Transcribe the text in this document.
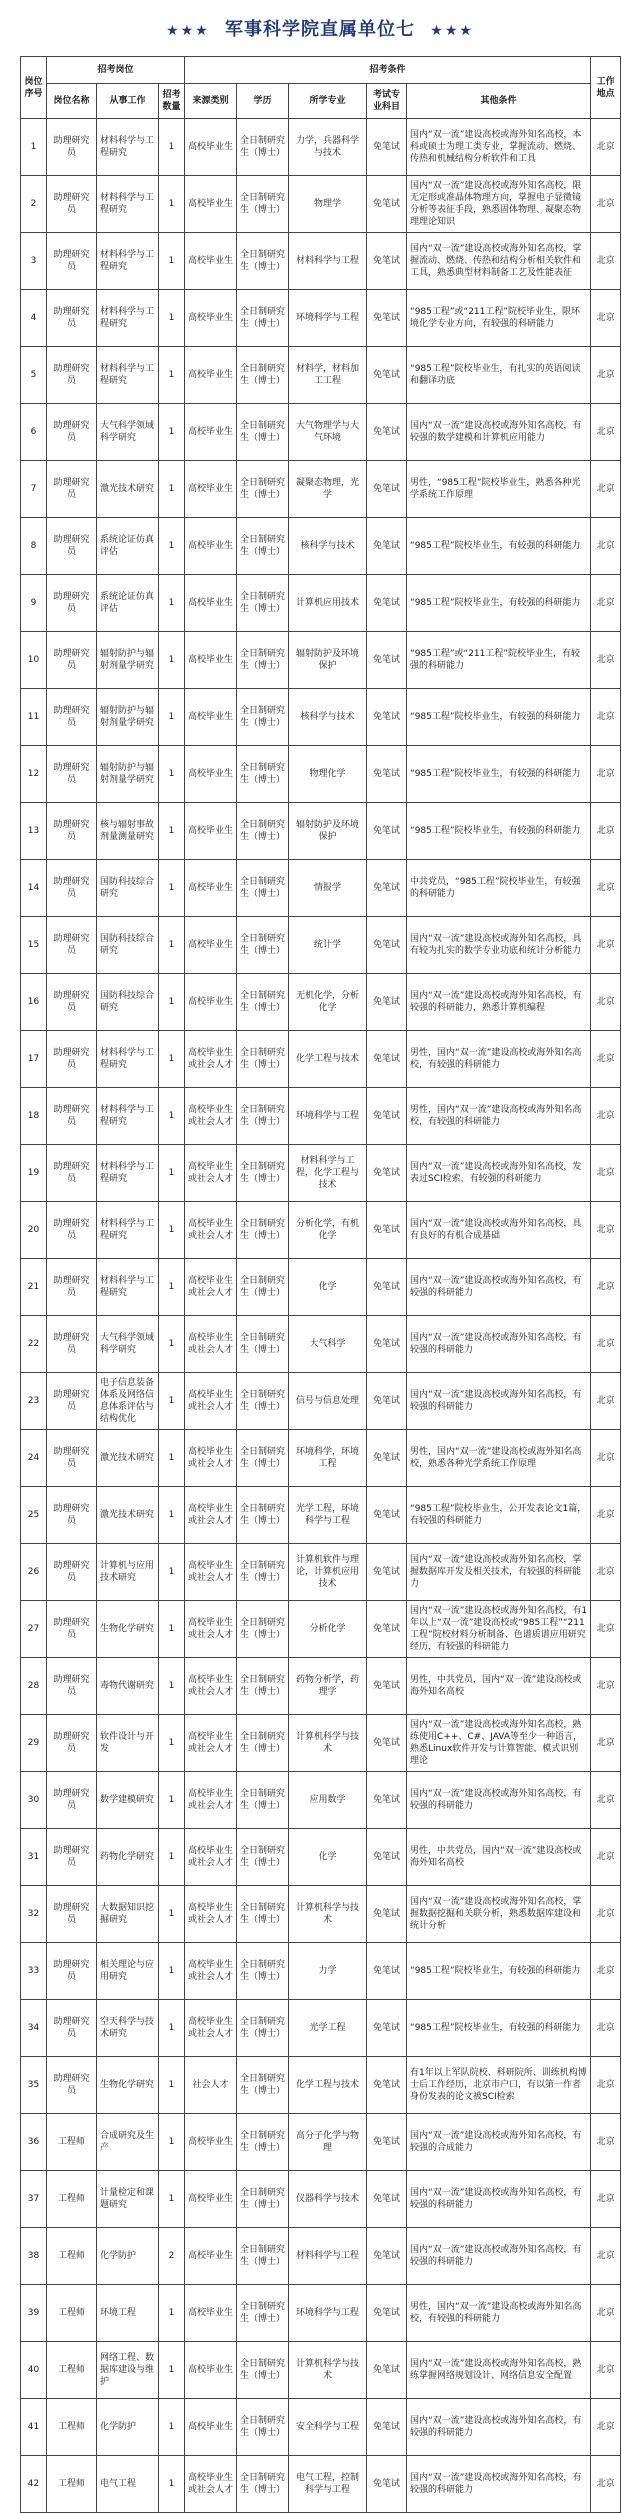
★★★ 军事科学院直属单位七 ★★★
岗位序号	招考岗位			招考条件					工作地点
	岗位名称	从事工作	招考数量	来源类别	学历	所学专业	考试专业科目	其他条件	
1	助理研究员	材料科学与工程研究	1	高校毕业生	全日制研究生（博士）	力学，兵器科学与技术	免笔试	国内“双一流”建设高校或海外知名高校，本科或硕士为理工类专业，掌握流动、燃烧、传热和机械结构分析软件和工具	北京
2	助理研究员	材料科学与工程研究	1	高校毕业生	全日制研究生（博士）	物理学	免笔试	国内“双一流”建设高校或海外知名高校，限无定形或准晶体物理方向，掌握电子显微镜分析等表征手段，熟悉固体物理、凝聚态物理理论知识	北京
3	助理研究员	材料科学与工程研究	1	高校毕业生	全日制研究生（博士）	材料科学与工程	免笔试	国内“双一流”建设高校或海外知名高校，掌握流动、燃烧、传热和结构分析相关软件和工具，熟悉典型材料制备工艺及性能表征	北京
4	助理研究员	材料科学与工程研究	1	高校毕业生	全日制研究生（博士）	环境科学与工程	免笔试	“985工程”或“211工程”院校毕业生，限环境化学专业方向，有较强的科研能力	北京
5	助理研究员	材料科学与工程研究	1	高校毕业生	全日制研究生（博士）	材料学，材料加工工程	免笔试	“985工程”院校毕业生，有扎实的英语阅读和翻译功底	北京
6	助理研究员	大气科学领域科学研究	1	高校毕业生	全日制研究生（博士）	大气物理学与大气环境	免笔试	国内“双一流”建设高校或海外知名高校，有较强的数学建模和计算机应用能力	北京
7	助理研究员	激光技术研究	1	高校毕业生	全日制研究生（博士）	凝聚态物理，光学	免笔试	男性，“985工程”院校毕业生，熟悉各种光学系统工作原理	北京
8	助理研究员	系统论证仿真评估	1	高校毕业生	全日制研究生（博士）	核科学与技术	免笔试	“985工程”院校毕业生，有较强的科研能力	北京
9	助理研究员	系统论证仿真评估	1	高校毕业生	全日制研究生（博士）	计算机应用技术	免笔试	“985工程”院校毕业生，有较强的科研能力	北京
10	助理研究员	辐射防护与辐射剂量学研究	1	高校毕业生	全日制研究生（博士）	辐射防护及环境保护	免笔试	“985工程”或“211工程”院校毕业生，有较强的科研能力	北京
11	助理研究员	辐射防护与辐射剂量学研究	1	高校毕业生	全日制研究生（博士）	核科学与技术	免笔试	“985工程”院校毕业生，有较强的科研能力	北京
12	助理研究员	辐射防护与辐射剂量学研究	1	高校毕业生	全日制研究生（博士）	物理化学	免笔试	“985工程”院校毕业生，有较强的科研能力	北京
13	助理研究员	核与辐射事故剂量测量研究	1	高校毕业生	全日制研究生（博士）	辐射防护及环境保护	免笔试	“985工程”院校毕业生，有较强的科研能力	北京
14	助理研究员	国防科技综合研究	1	高校毕业生	全日制研究生（博士）	情报学	免笔试	中共党员，“985工程”院校毕业生，有较强的科研能力	北京
15	助理研究员	国防科技综合研究	1	高校毕业生	全日制研究生（博士）	统计学	免笔试	国内“双一流”建设高校或海外知名高校，具有较为扎实的数学专业功底和统计分析能力	北京
16	助理研究员	国防科技综合研究	1	高校毕业生	全日制研究生（博士）	无机化学，分析化学	免笔试	国内“双一流”建设高校或海外知名高校，有较强的科研能力，熟悉计算机编程	北京
17	助理研究员	材料科学与工程研究	1	高校毕业生或社会人才	全日制研究生（博士）	化学工程与技术	免笔试	男性，国内“双一流”建设高校或海外知名高校，有较强的科研能力	北京
18	助理研究员	材料科学与工程研究	1	高校毕业生或社会人才	全日制研究生（博士）	环境科学与工程	免笔试	男性，国内“双一流”建设高校或海外知名高校，有较强的科研能力	北京
19	助理研究员	材料科学与工程研究	1	高校毕业生或社会人才	全日制研究生（博士）	材料科学与工程，化学工程与技术	免笔试	国内“双一流”建设高校或海外知名高校，发表过SCI检索，有较强的科研能力	北京
20	助理研究员	材料科学与工程研究	1	高校毕业生或社会人才	全日制研究生（博士）	分析化学，有机化学	免笔试	国内“双一流”建设高校或海外知名高校，具有良好的有机合成基础	北京
21	助理研究员	材料科学与工程研究	1	高校毕业生或社会人才	全日制研究生（博士）	化学	免笔试	国内“双一流”建设高校或海外知名高校，有较强的科研能力	北京
22	助理研究员	大气科学领域科学研究	1	高校毕业生或社会人才	全日制研究生（博士）	大气科学	免笔试	国内“双一流”建设高校或海外知名高校，有较强的科研能力	北京
23	助理研究员	电子信息装备体系及网络信息体系评估与结构优化	1	高校毕业生或社会人才	全日制研究生（博士）	信号与信息处理	免笔试	国内“双一流”建设高校或海外知名高校，有较强的科研能力	北京
24	助理研究员	激光技术研究	1	高校毕业生或社会人才	全日制研究生（博士）	环境科学，环境工程	免笔试	男性，国内“双一流”建设高校或海外知名高校，熟悉各种光学系统工作原理	北京
25	助理研究员	激光技术研究	1	高校毕业生或社会人才	全日制研究生（博士）	光学工程，环境科学与工程	免笔试	“985工程”院校毕业生，公开发表论文1篇，有较强的科研能力	北京
26	助理研究员	计算机与应用技术研究	1	高校毕业生或社会人才	全日制研究生（博士）	计算机软件与理论，计算机应用技术	免笔试	国内“双一流”建设高校或海外知名高校，掌握数据库开发及相关技术，有较强的科研能力	北京
27	助理研究员	生物化学研究	1	高校毕业生或社会人才	全日制研究生（博士）	分析化学	免笔试	国内“双一流”建设高校或海外知名高校，有1年以上“双一流”建设高校或“985工程”“211工程”院校材料分析制备、色谱质谱应用研究经历，有较强的科研能力	北京
28	助理研究员	毒物代谢研究	1	高校毕业生或社会人才	全日制研究生（博士）	药物分析学，药理学	免笔试	男性，中共党员，国内“双一流”建设高校或海外知名高校	北京
29	助理研究员	软件设计与开发	1	高校毕业生或社会人才	全日制研究生（博士）	计算机科学与技术	免笔试	国内“双一流”建设高校或海外知名高校，熟练使用C++、C#、JAVA等至少一种语言，熟悉Linux软件开发与计算智能、模式识别理论	北京
30	助理研究员	数学建模研究	1	高校毕业生或社会人才	全日制研究生（博士）	应用数学	免笔试	国内“双一流”建设高校或海外知名高校，有较强的科研能力	北京
31	助理研究员	药物化学研究	1	高校毕业生或社会人才	全日制研究生（博士）	化学	免笔试	男性，中共党员，国内“双一流”建设高校或海外知名高校	北京
32	助理研究员	大数据知识挖掘研究	1	高校毕业生或社会人才	全日制研究生（博士）	计算机科学与技术	免笔试	国内“双一流”建设高校或海外知名高校，掌握数据挖掘和关联分析，熟悉数据库建设和统计分析	北京
33	助理研究员	相关理论与应用研究	1	高校毕业生或社会人才	全日制研究生（博士）	力学	免笔试	“985工程”院校毕业生，有较强的科研能力	北京
34	助理研究员	空天科学与技术研究	1	高校毕业生或社会人才	全日制研究生（博士）	光学工程	免笔试	“985工程”院校毕业生，有较强的科研能力	北京
35	助理研究员	生物化学研究	1	社会人才	全日制研究生（博士）	化学工程与技术	免笔试	有1年以上军队院校、科研院所、训练机构博士后工作经历，北京市户口，有以第一作者身份发表的论文被SCI检索	北京
36	工程师	合成研究及生产	1	高校毕业生	全日制研究生（博士）	高分子化学与物理	免笔试	国内“双一流”建设高校或海外知名高校，有较强的合成能力	北京
37	工程师	计量检定和课题研究	1	高校毕业生	全日制研究生（博士）	仪器科学与技术	免笔试	国内“双一流”建设高校或海外知名高校，有较强的科研能力	北京
38	工程师	化学防护	2	高校毕业生	全日制研究生（博士）	材料科学与工程	免笔试	国内“双一流”建设高校或海外知名高校，有较强的科研能力	北京
39	工程师	环境工程	1	高校毕业生	全日制研究生（博士）	环境科学与工程	免笔试	男性，国内“双一流”建设高校或海外知名高校，有较强的科研能力	北京
40	工程师	网络工程、数据库建设与维护	1	高校毕业生	全日制研究生（博士）	计算机科学与技术	免笔试	国内“双一流”建设高校或海外知名高校，熟练掌握网络规划设计、网络信息安全配置	北京
41	工程师	化学防护	1	高校毕业生	全日制研究生（博士）	安全科学与工程	免笔试	国内“双一流”建设高校或海外知名高校，有较强的科研能力	北京
42	工程师	电气工程	1	高校毕业生或社会人才	全日制研究生（博士）	电气工程，控制科学与工程	免笔试	国内“双一流”建设高校或海外知名高校，有较强的科研能力	北京
